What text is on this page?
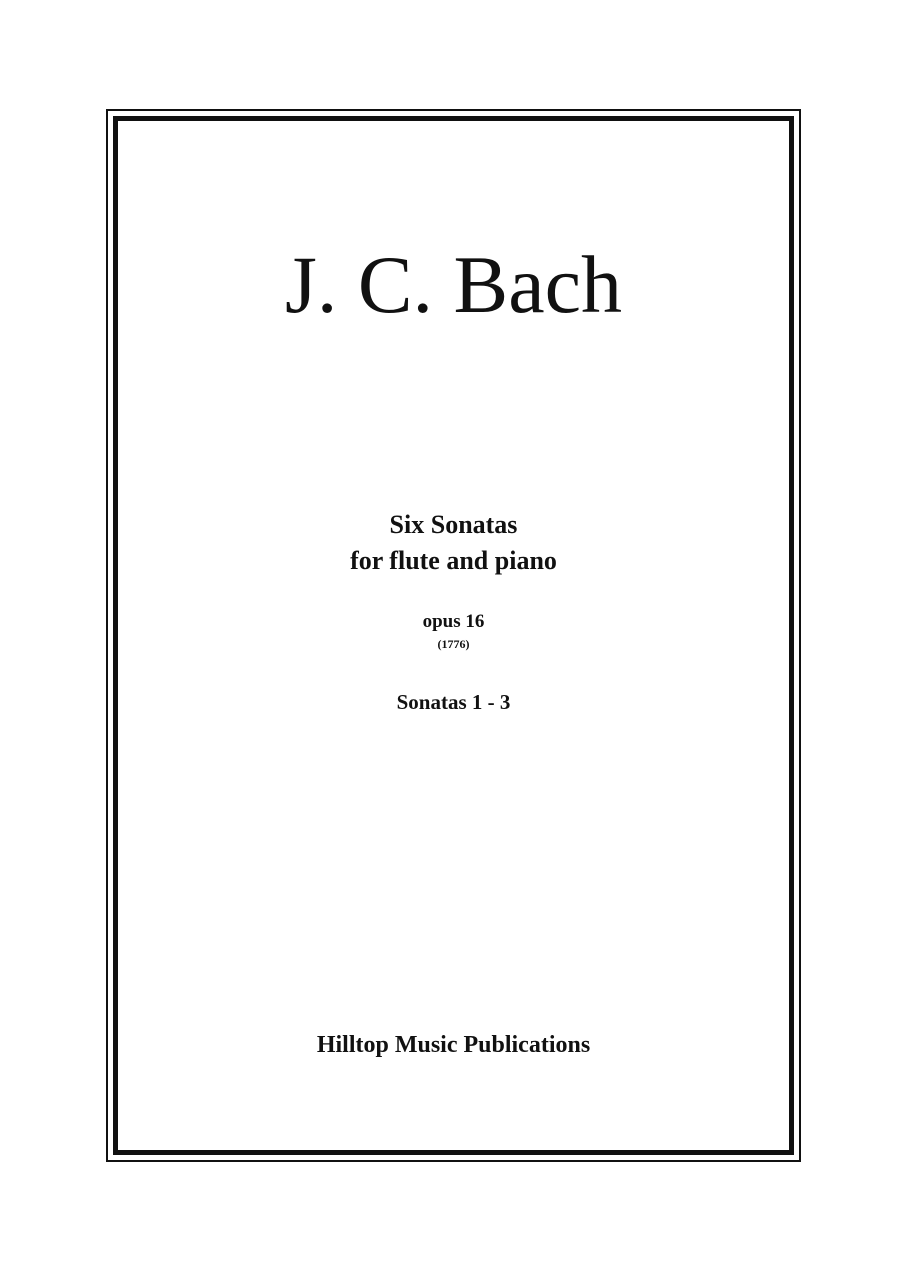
J. C. Bach
Six Sonatas
for flute and piano
opus 16
(1776)
Sonatas 1 - 3
Hilltop Music Publications
